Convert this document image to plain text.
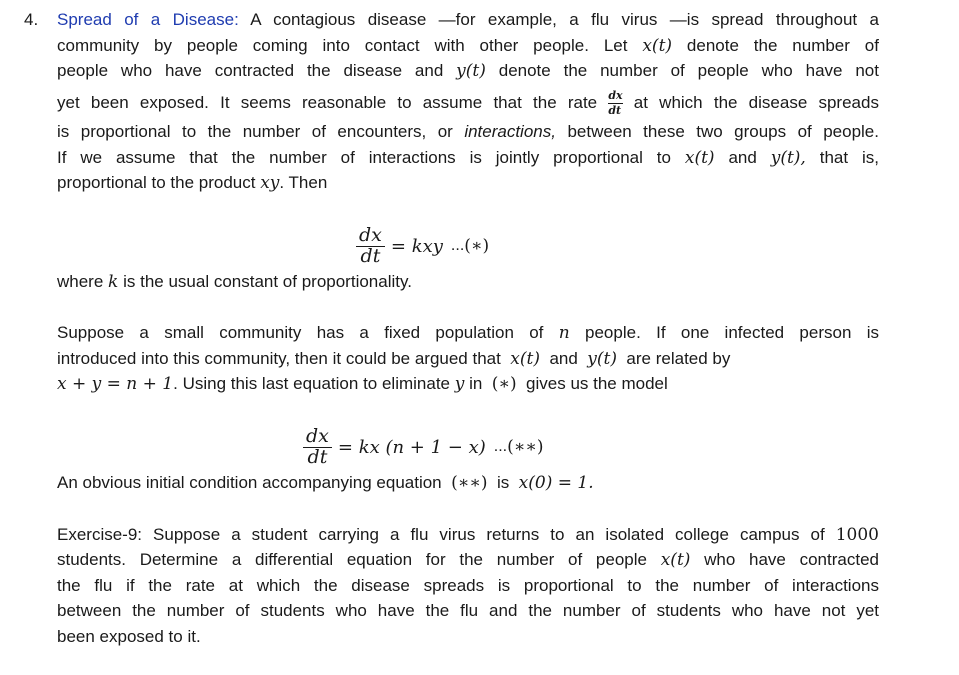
4. Spread of a Disease: A contagious disease —for example, a flu virus —is spread throughout a
community by people coming into contact with other people. Let x(t) denote the number of
people who have contracted the disease and y(t) denote the number of people who have not
yet been exposed. It seems reasonable to assume that the rate $\frac{dx}{dt}$ at which the disease spreads
is proportional to the number of encounters, or interactions, between these two groups of people.
If we assume that the number of interactions is jointly proportional to x(t) and y(t), that is,
proportional to the product xy. Then
$\frac{dx}{dt}$ = kxy ... (∗)
where k is the usual constant of proportionality.
Suppose a small community has a fixed population of n people. If one infected person is
introduced into this community, then it could be argued that x(t) and y(t) are related by
x + y = n + 1. Using this last equation to eliminate y in (∗) gives us the model
$\frac{dx}{dt}$ = kx (n + 1 − x) ... (∗∗)
An obvious initial condition accompanying equation (∗∗) is x(0) = 1.
Exercise-9: Suppose a student carrying a flu virus returns to an isolated college campus of 1000
students. Determine a differential equation for the number of people x(t) who have contracted
the flu if the rate at which the disease spreads is proportional to the number of interactions
between the number of students who have the flu and the number of students who have not yet
been exposed to it.
